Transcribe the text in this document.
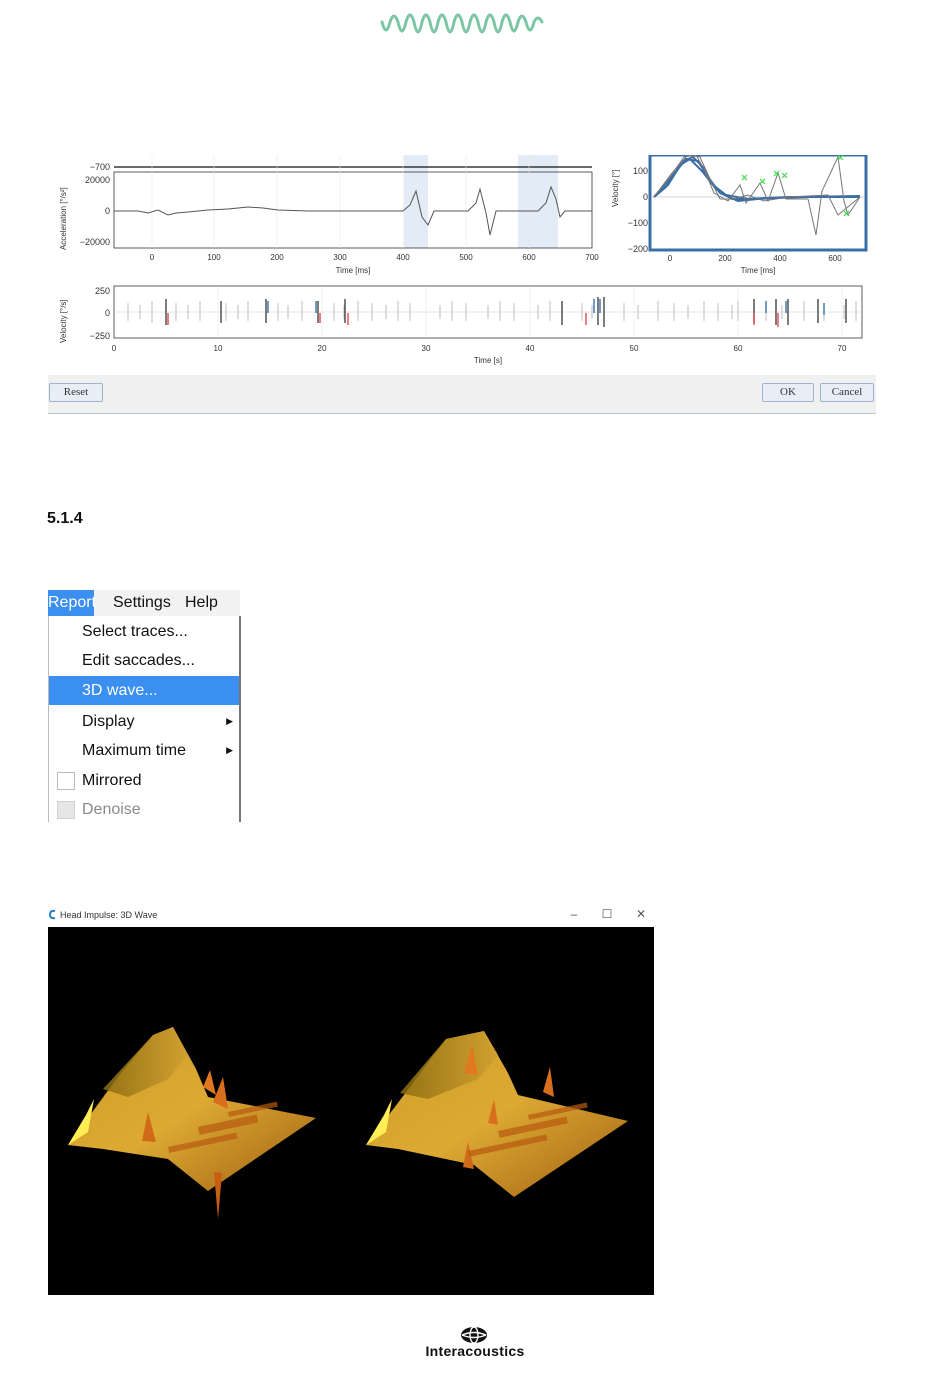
Acceleration [°/s²]
−700
20000
0
−20000
0	100	200	300	400	500	600	700
Time [ms]
Velocity [°] 100
0
−100
−200
0	200	400	600
Time [ms]
Velocity [°/s]
250
0
−250
0	10	20	30	40	50	60	70
Time [s]
Reset	OK	Cancel
5.1.4
Report Settings Help
Select traces...
Edit saccades...
3D wave...
Display	▶
Maximum time	▶
Mirrored
Denoise
Head Impulse: 3D Wave	–	☐	✕
Interacoustics
